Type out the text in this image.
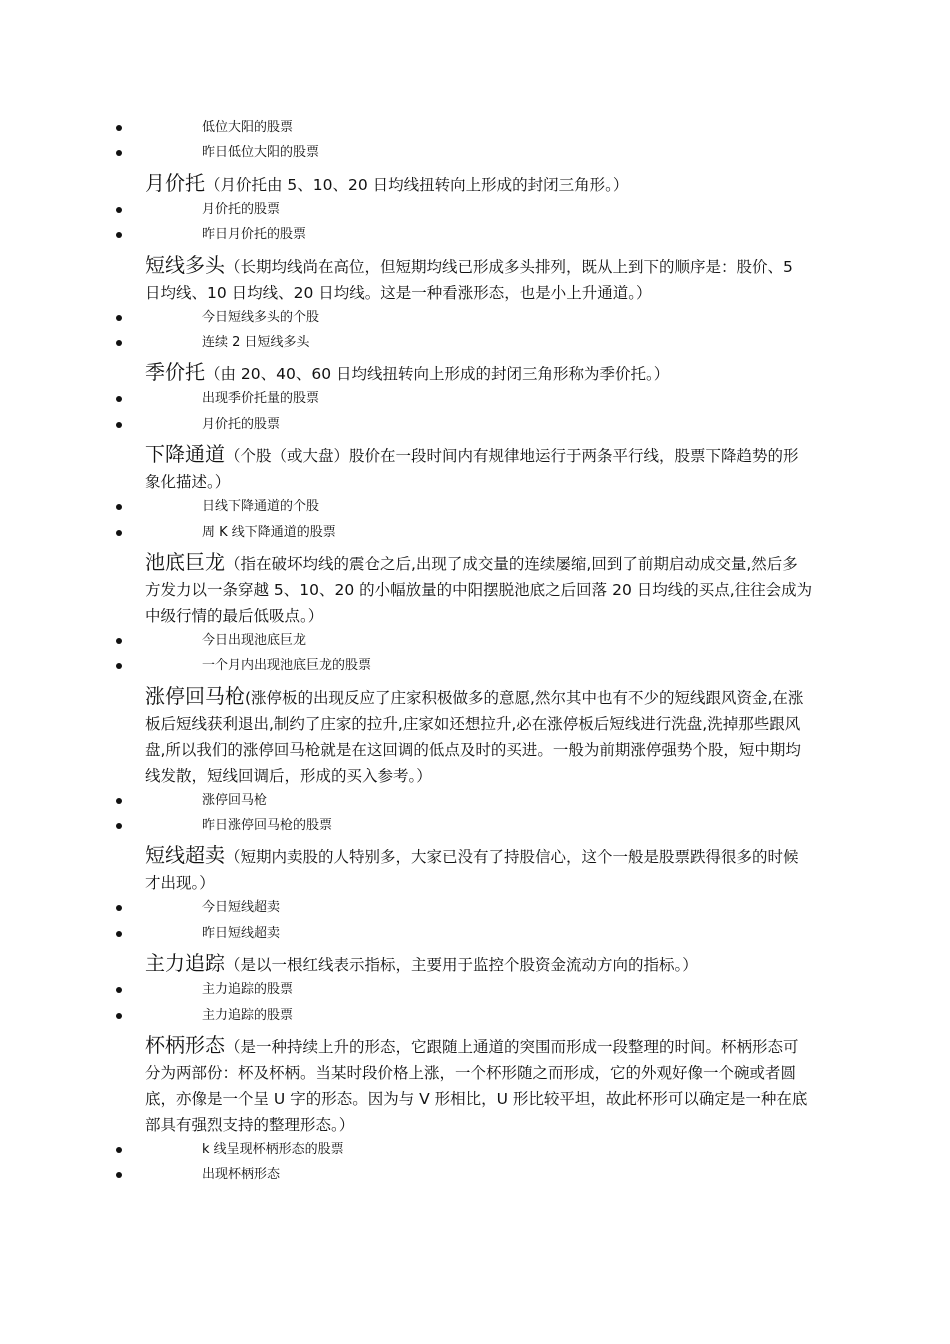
低位大阳的股票
昨日低位大阳的股票
月价托（月价托由 5、10、20 日均线扭转向上形成的封闭三角形。）
月价托的股票
昨日月价托的股票
短线多头（长期均线尚在高位，但短期均线已形成多头排列，既从上到下的顺序是：股价、5 日均线、10 日均线、20 日均线。这是一种看涨形态，也是小上升通道。）
今日短线多头的个股
连续 2 日短线多头
季价托（由 20、40、60 日均线扭转向上形成的封闭三角形称为季价托。）
出现季价托量的股票
月价托的股票
下降通道（个股（或大盘）股价在一段时间内有规律地运行于两条平行线，股票下降趋势的形象化描述。）
日线下降通道的个股
周 K 线下降通道的股票
池底巨龙（指在破坏均线的震仓之后,出现了成交量的连续屡缩,回到了前期启动成交量,然后多方发力以一条穿越 5、10、20 的小幅放量的中阳摆脱池底之后回落 20 日均线的买点,往往会成为中级行情的最后低吸点。）
今日出现池底巨龙
一个月内出现池底巨龙的股票
涨停回马枪(涨停板的出现反应了庄家积极做多的意愿,然尔其中也有不少的短线跟风资金,在涨板后短线获利退出,制约了庄家的拉升,庄家如还想拉升,必在涨停板后短线进行洗盘,洗掉那些跟风盘,所以我们的涨停回马枪就是在这回调的低点及时的买进。一般为前期涨停强势个股，短中期均线发散，短线回调后，形成的买入参考。）
涨停回马枪
昨日涨停回马枪的股票
短线超卖（短期内卖股的人特别多，大家已没有了持股信心，这个一般是股票跌得很多的时候才出现。）
今日短线超卖
昨日短线超卖
主力追踪（是以一根红线表示指标，主要用于监控个股资金流动方向的指标。）
主力追踪的股票
主力追踪的股票
杯柄形态（是一种持续上升的形态，它跟随上通道的突围而形成一段整理的时间。杯柄形态可分为两部份：杯及杯柄。当某时段价格上涨，一个杯形随之而形成，它的外观好像一个碗或者圆底，亦像是一个呈 U 字的形态。因为与 V 形相比，U 形比较平坦，故此杯形可以确定是一种在底部具有强烈支持的整理形态。）
k 线呈现杯柄形态的股票
出现杯柄形态
